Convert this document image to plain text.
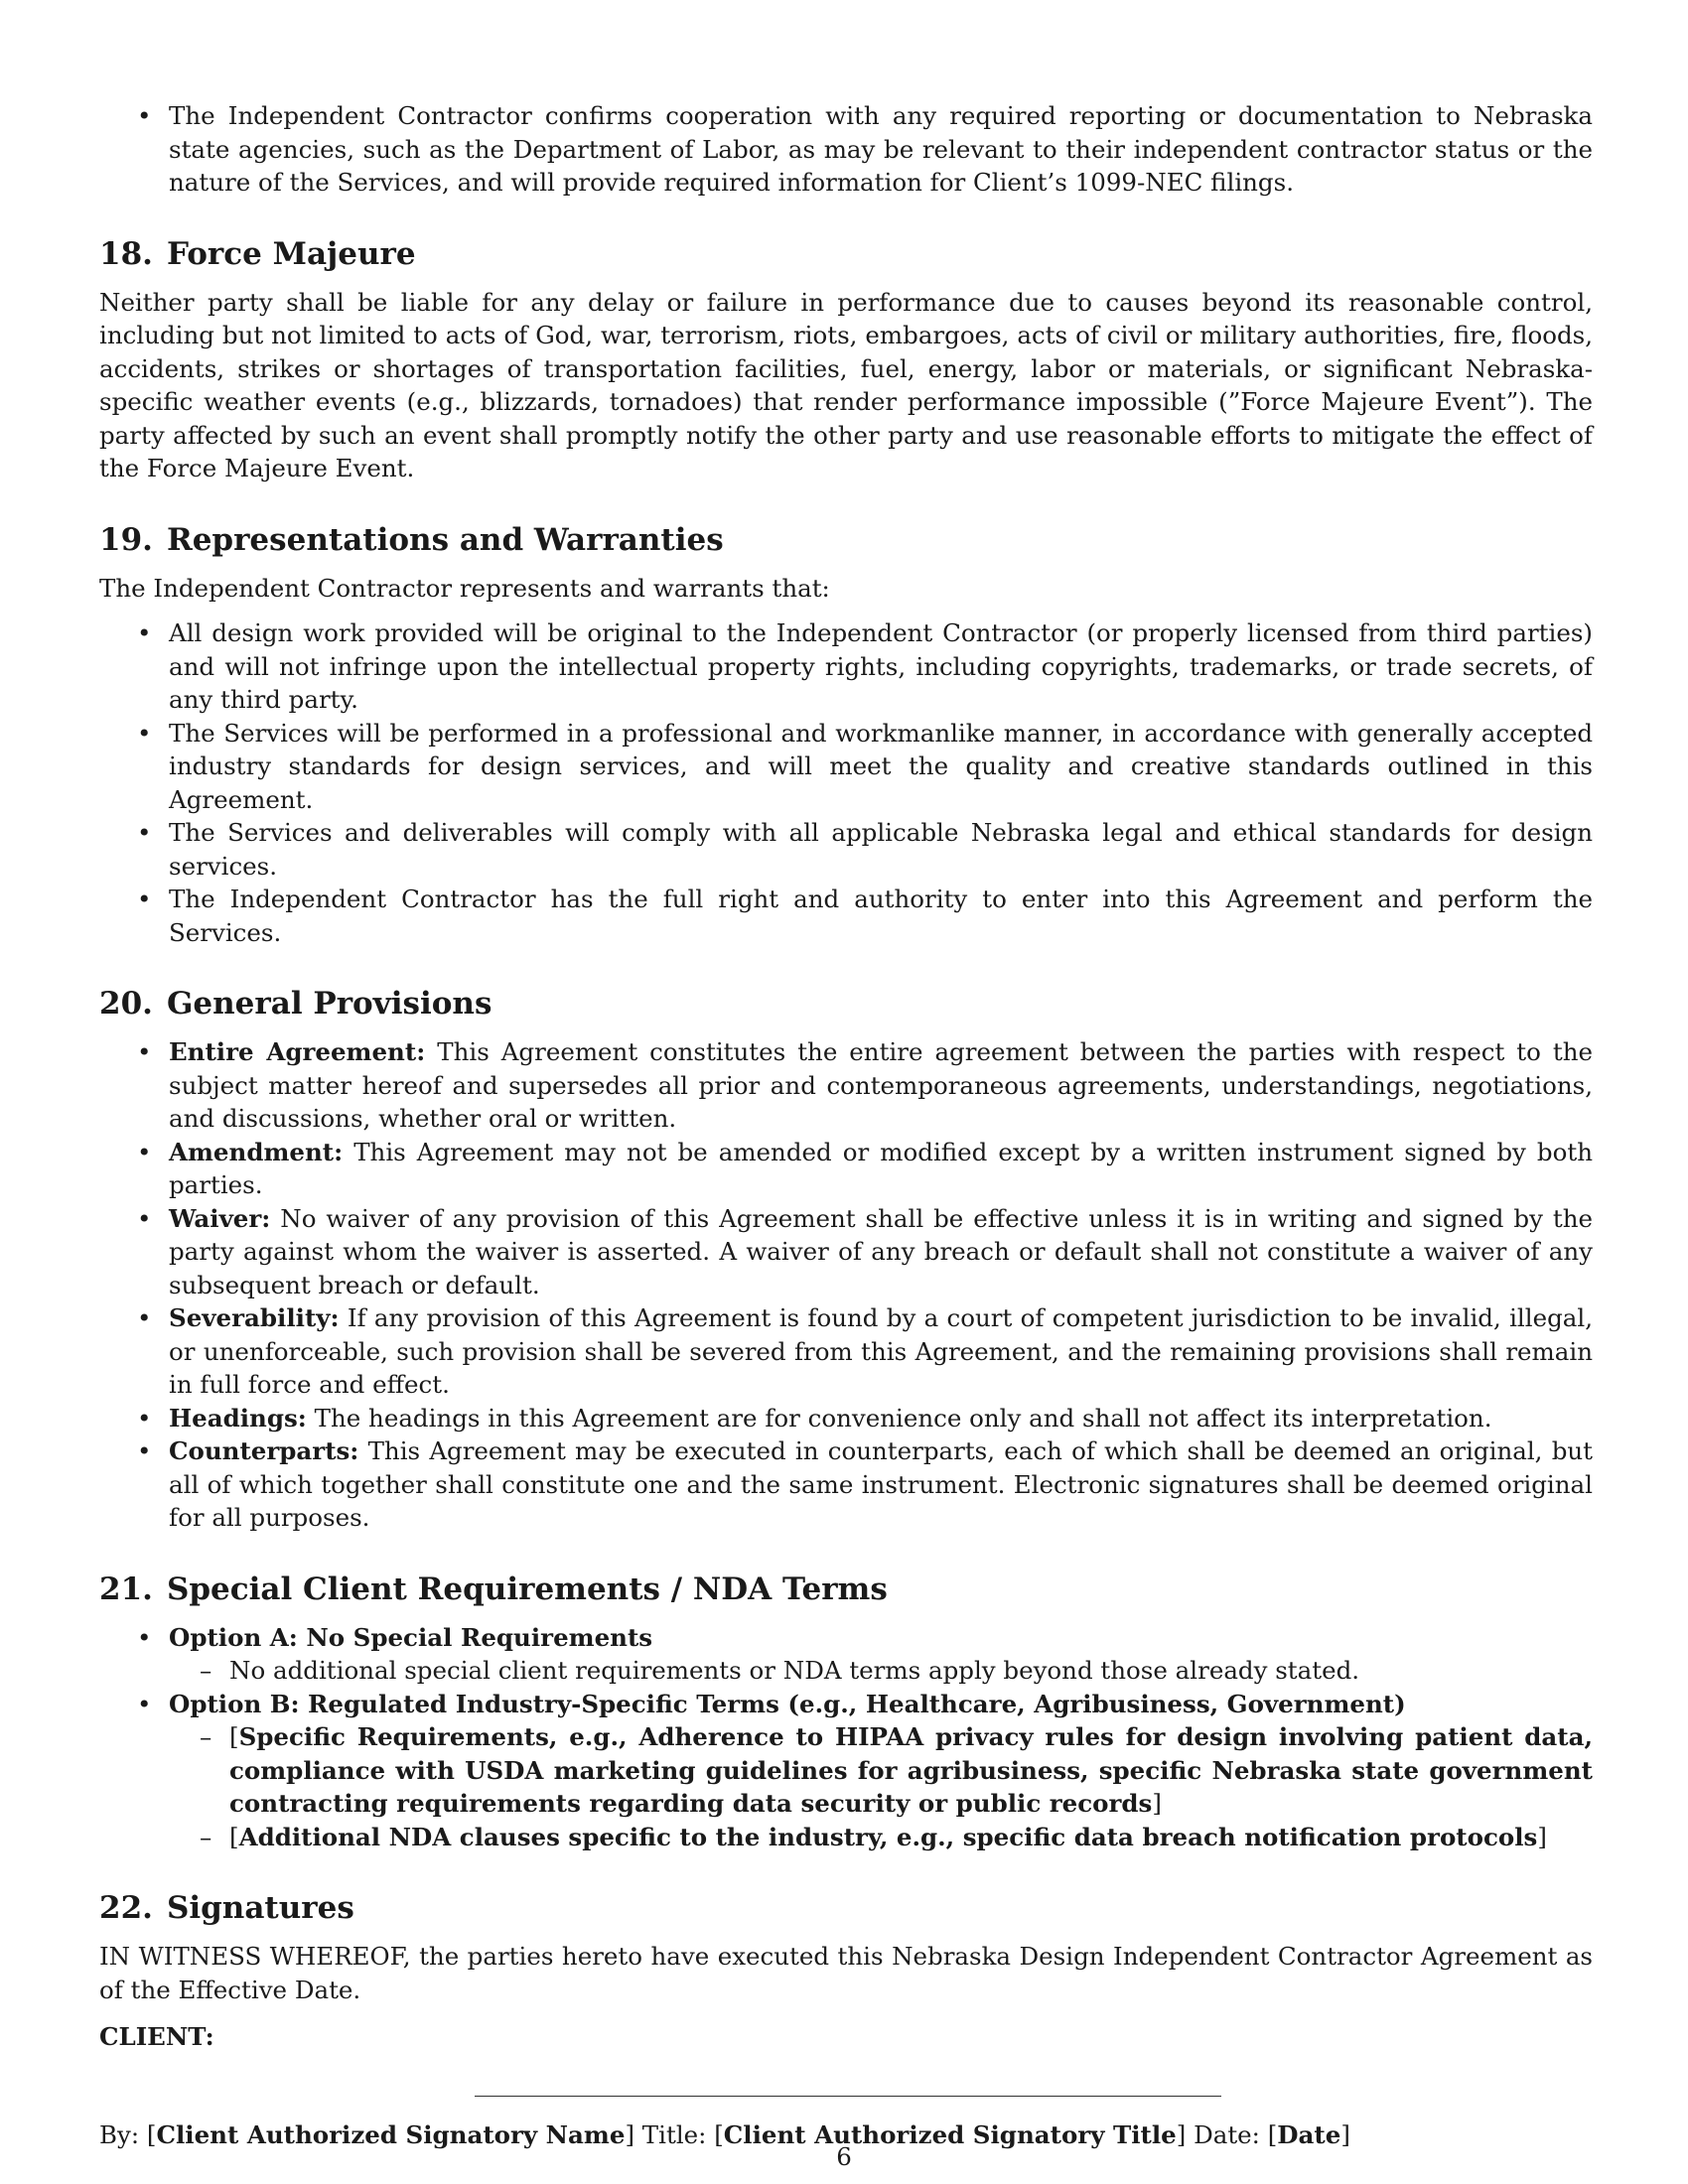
• The Independent Contractor confirms cooperation with any required reporting or documentation to Nebraska state agencies, such as the Department of Labor, as may be relevant to their independent contractor status or the nature of the Services, and will provide required information for Client’s 1099-NEC filings.
18. Force Majeure

Neither party shall be liable for any delay or failure in performance due to causes beyond its reasonable control, including but not limited to acts of God, war, terrorism, riots, embargoes, acts of civil or military authorities, fire, floods, accidents, strikes or shortages of transportation facilities, fuel, energy, labor or materials, or significant Nebraska-specific weather events (e.g., blizzards, tornadoes) that render performance impossible (”Force Majeure Event”). The party affected by such an event shall promptly notify the other party and use reasonable efforts to mitigate the effect of the Force Majeure Event.

19. Representations and Warranties

The Independent Contractor represents and warrants that:

• All design work provided will be original to the Independent Contractor (or properly licensed from third parties) and will not infringe upon the intellectual property rights, including copyrights, trademarks, or trade secrets, of any third party.
• The Services will be performed in a professional and workmanlike manner, in accordance with generally accepted industry standards for design services, and will meet the quality and creative standards outlined in this Agreement.
• The Services and deliverables will comply with all applicable Nebraska legal and ethical standards for design services.
• The Independent Contractor has the full right and authority to enter into this Agreement and perform the Services.
20. General Provisions
• Entire Agreement: This Agreement constitutes the entire agreement between the parties with respect to the subject matter hereof and supersedes all prior and contemporaneous agreements, understandings, negotiations, and discussions, whether oral or written.
• Amendment: This Agreement may not be amended or modified except by a written instrument signed by both parties.
• Waiver: No waiver of any provision of this Agreement shall be effective unless it is in writing and signed by the party against whom the waiver is asserted. A waiver of any breach or default shall not constitute a waiver of any subsequent breach or default.
• Severability: If any provision of this Agreement is found by a court of competent jurisdiction to be invalid, illegal, or unenforceable, such provision shall be severed from this Agreement, and the remaining provisions shall remain in full force and effect.
• Headings: The headings in this Agreement are for convenience only and shall not affect its interpretation.
• Counterparts: This Agreement may be executed in counterparts, each of which shall be deemed an original, but all of which together shall constitute one and the same instrument. Electronic signatures shall be deemed original for all purposes.
21. Special Client Requirements / NDA Terms
• Option A: No Special Requirements
– No additional special client requirements or NDA terms apply beyond those already stated.
• Option B: Regulated Industry-Specific Terms (e.g., Healthcare, Agribusiness, Government)
– [Specific Requirements, e.g., Adherence to HIPAA privacy rules for design involving patient data, compliance with USDA marketing guidelines for agribusiness, specific Nebraska state government contracting requirements regarding data security or public records]
– [Additional NDA clauses specific to the industry, e.g., specific data breach notification protocols]
22. Signatures

IN WITNESS WHEREOF, the parties hereto have executed this Nebraska Design Independent Contractor Agreement as of the Effective Date.

CLIENT:

By: [Client Authorized Signatory Name] Title: [Client Authorized Signatory Title] Date: [Date]

6
